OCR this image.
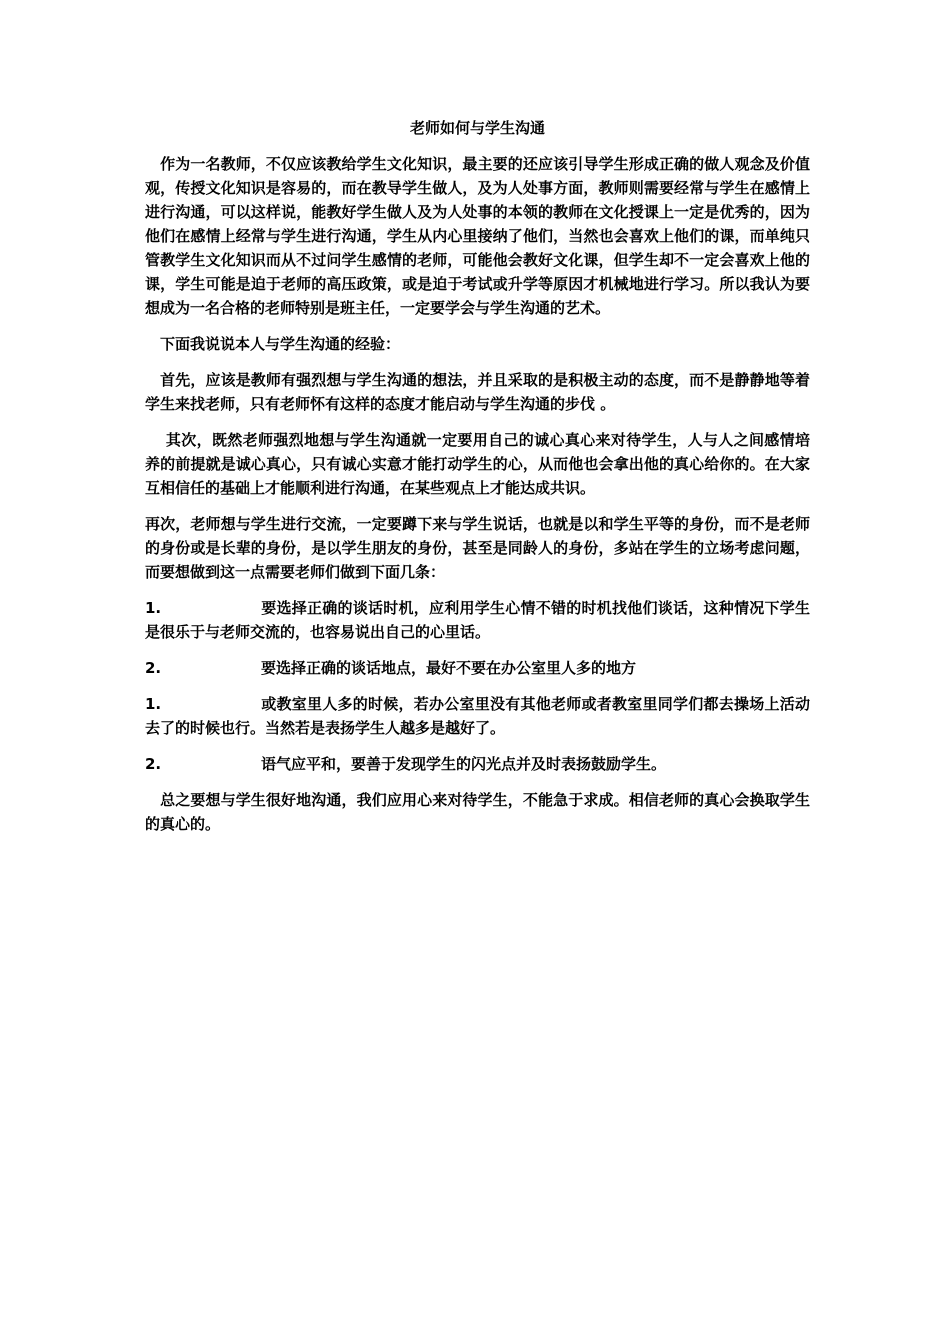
老师如何与学生沟通

　作为一名教师，不仅应该教给学生文化知识，最主要的还应该引导学生形成正确的做人观念及价值观，传授文化知识是容易的，而在教导学生做人，及为人处事方面，教师则需要经常与学生在感情上进行沟通，可以这样说，能教好学生做人及为人处事的本领的教师在文化授课上一定是优秀的，因为他们在感情上经常与学生进行沟通，学生从内心里接纳了他们，当然也会喜欢上他们的课，而单纯只管教学生文化知识而从不过问学生感情的老师，可能他会教好文化课，但学生却不一定会喜欢上他的课，学生可能是迫于老师的高压政策，或是迫于考试或升学等原因才机械地进行学习。所以我认为要想成为一名合格的老师特别是班主任，一定要学会与学生沟通的艺术。

　下面我说说本人与学生沟通的经验：

　首先，应该是教师有强烈想与学生沟通的想法，并且采取的是积极主动的态度，而不是静静地等着学生来找老师，只有老师怀有这样的态度才能启动与学生沟通的步伐 。

　 其次，既然老师强烈地想与学生沟通就一定要用自己的诚心真心来对待学生，人与人之间感情培养的前提就是诚心真心，只有诚心实意才能打动学生的心，从而他也会拿出他的真心给你的。在大家互相信任的基础上才能顺利进行沟通，在某些观点上才能达成共识。

再次，老师想与学生进行交流，一定要蹲下来与学生说话，也就是以和学生平等的身份，而不是老师的身份或是长辈的身份，是以学生朋友的身份，甚至是同龄人的身份，多站在学生的立场考虑问题，而要想做到这一点需要老师们做到下面几条：

1.	要选择正确的谈话时机，应利用学生心情不错的时机找他们谈话，这种情况下学生是很乐于与老师交流的，也容易说出自己的心里话。
2.	要选择正确的谈话地点，最好不要在办公室里人多的地方
1.	或教室里人多的时候，若办公室里没有其他老师或者教室里同学们都去操场上活动去了的时候也行。当然若是表扬学生人越多是越好了。
2.	语气应平和，要善于发现学生的闪光点并及时表扬鼓励学生。

　总之要想与学生很好地沟通，我们应用心来对待学生，不能急于求成。相信老师的真心会换取学生的真心的。
